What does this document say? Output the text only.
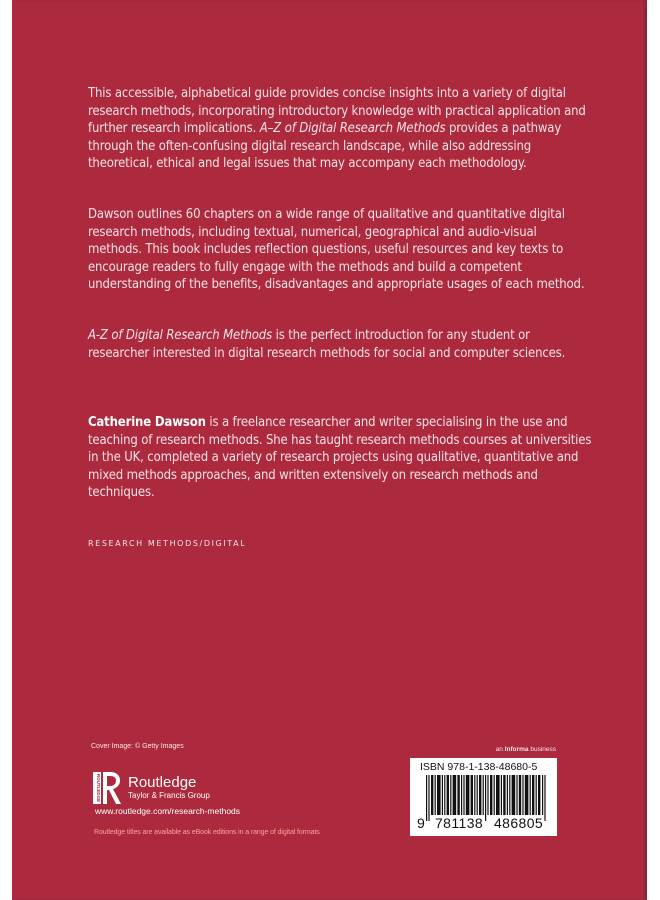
This accessible, alphabetical guide provides concise insights into a variety of digital research methods, incorporating introductory knowledge with practical application and further research implications. A–Z of Digital Research Methods provides a pathway through the often-confusing digital research landscape, while also addressing theoretical, ethical and legal issues that may accompany each methodology.

Dawson outlines 60 chapters on a wide range of qualitative and quantitative digital research methods, including textual, numerical, geographical and audio-visual methods. This book includes reflection questions, useful resources and key texts to encourage readers to fully engage with the methods and build a competent understanding of the benefits, disadvantages and appropriate usages of each method.

A-Z of Digital Research Methods is the perfect introduction for any student or researcher interested in digital research methods for social and computer sciences.

Catherine Dawson is a freelance researcher and writer specialising in the use and teaching of research methods. She has taught research methods courses at universities in the UK, completed a variety of research projects using qualitative, quantitative and mixed methods approaches, and written extensively on research methods and techniques.

RESEARCH METHODS/DIGITAL
Cover Image: © Getty Images
ROUTLEDGE Routledge
Taylor & Francis Group
www.routledge.com/research-methods
Routledge titles are available as eBook editions in a range of digital formats
an Informa business
ISBN 978-1-138-48680-5
9 781138 486805
